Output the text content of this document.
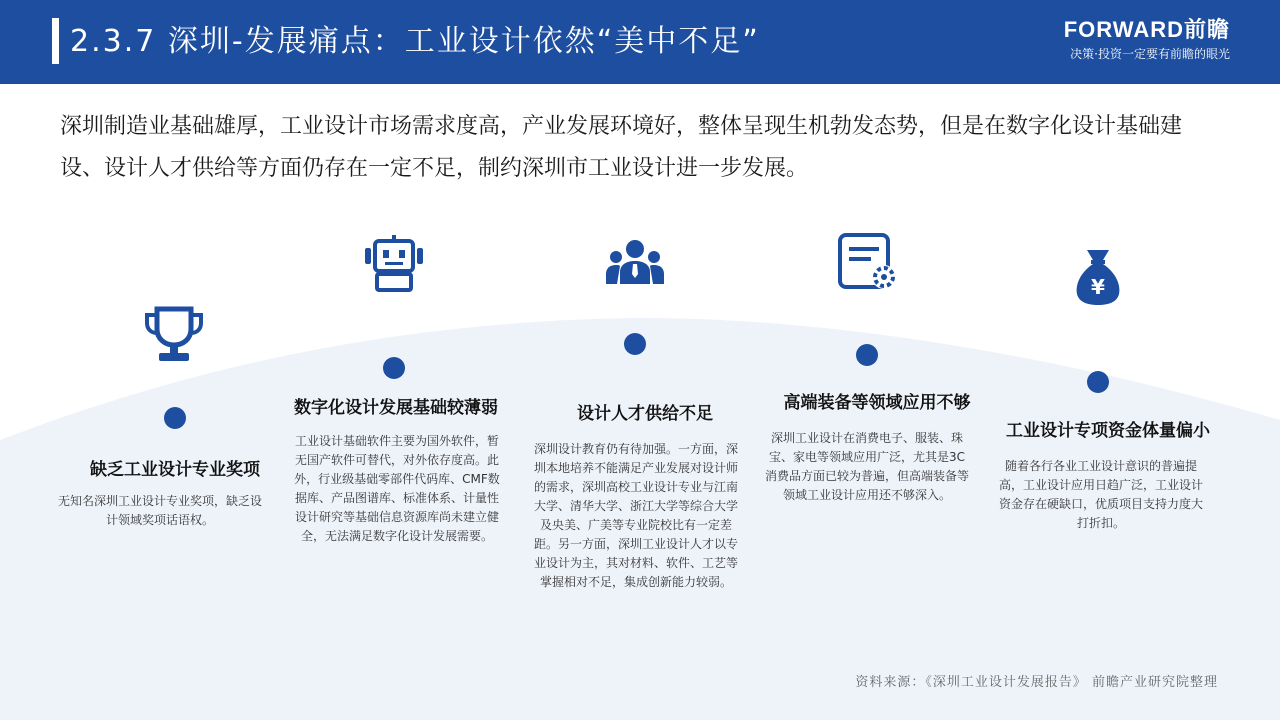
2.3.7 深圳-发展痛点：工业设计依然“美中不足”	FORWARD前瞻
决策·投资一定要有前瞻的眼光
深圳制造业基础雄厚，工业设计市场需求度高，产业发展环境好，整体呈现生机勃发态势，但是在数字化设计基础建设、设计人才供给等方面仍存在一定不足，制约深圳市工业设计进一步发展。
¥
缺乏工业设计专业奖项
数字化设计发展基础较薄弱	设计人才供给不足
高端装备等领域应用不够
工业设计专项资金体量偏小
无知名深圳工业设计专业奖项，缺乏设计领域奖项话语权。
工业设计基础软件主要为国外软件，暂无国产软件可替代，对外依存度高。此外，行业级基础零部件代码库、CMF数据库、产品图谱库、标准体系、计量性设计研究等基础信息资源库尚未建立健全，无法满足数字化设计发展需要。
深圳设计教育仍有待加强。一方面，深圳本地培养不能满足产业发展对设计师的需求，深圳高校工业设计专业与江南大学、清华大学、浙江大学等综合大学及央美、广美等专业院校比有一定差距。另一方面，深圳工业设计人才以专业设计为主，其对材料、软件、工艺等掌握相对不足，集成创新能力较弱。
深圳工业设计在消费电子、服装、珠宝、家电等领域应用广泛，尤其是3C消费品方面已较为普遍，但高端装备等领域工业设计应用还不够深入。
随着各行各业工业设计意识的普遍提高，工业设计应用日趋广泛，工业设计资金存在硬缺口，优质项目支持力度大打折扣。
资料来源：《深圳工业设计发展报告》 前瞻产业研究院整理
